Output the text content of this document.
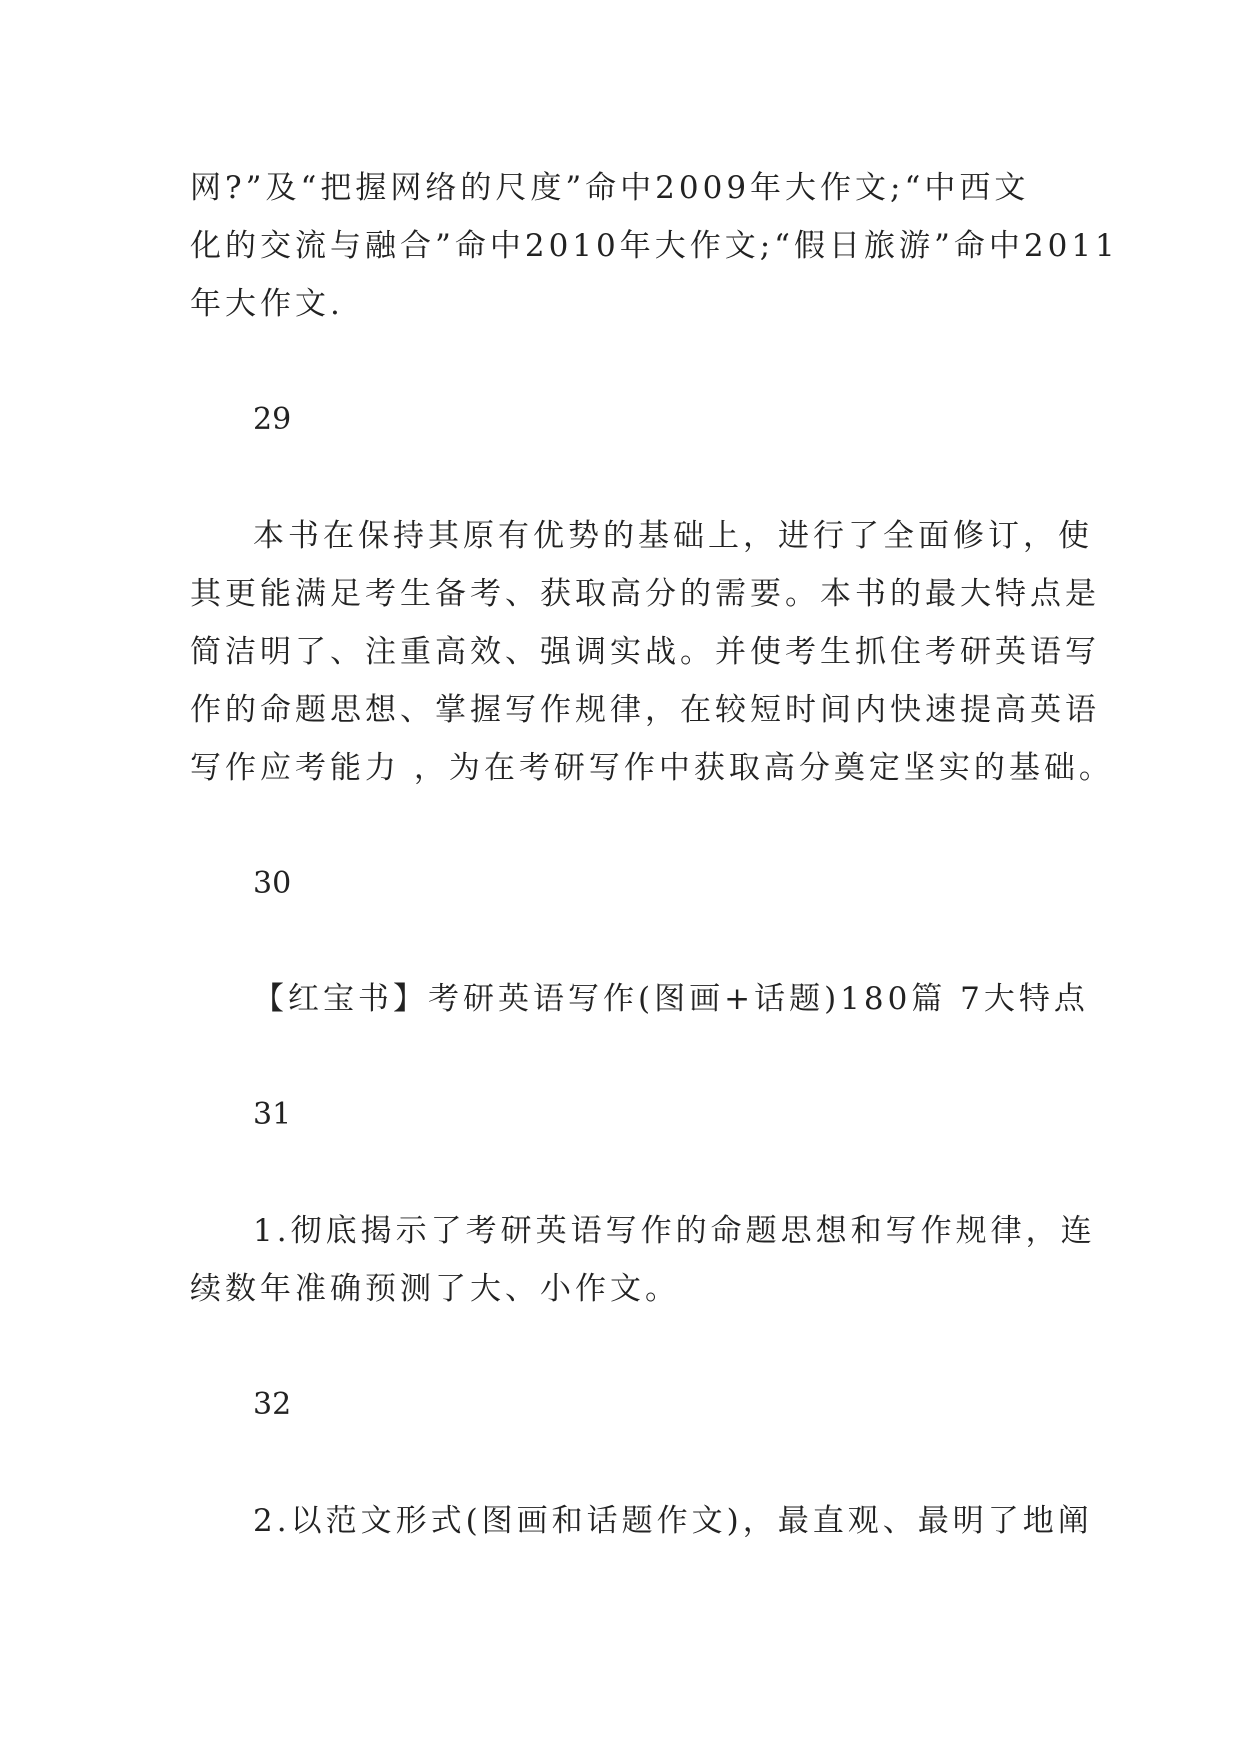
网?”及“把握网络的尺度”命中2009年大作文;“中西文
化的交流与融合”命中2010年大作文;“假日旅游”命中2011
年大作文.
29
本书在保持其原有优势的基础上，进行了全面修订，使
其更能满足考生备考、获取高分的需要。本书的最大特点是
简洁明了、注重高效、强调实战。并使考生抓住考研英语写
作的命题思想、掌握写作规律，在较短时间内快速提高英语
写作应考能力 ，为在考研写作中获取高分奠定坚实的基础。
30
【红宝书】考研英语写作(图画+话题)180篇 7大特点
31
1.彻底揭示了考研英语写作的命题思想和写作规律，连
续数年准确预测了大、小作文。
32
2.以范文形式(图画和话题作文)，最直观、最明了地阐
